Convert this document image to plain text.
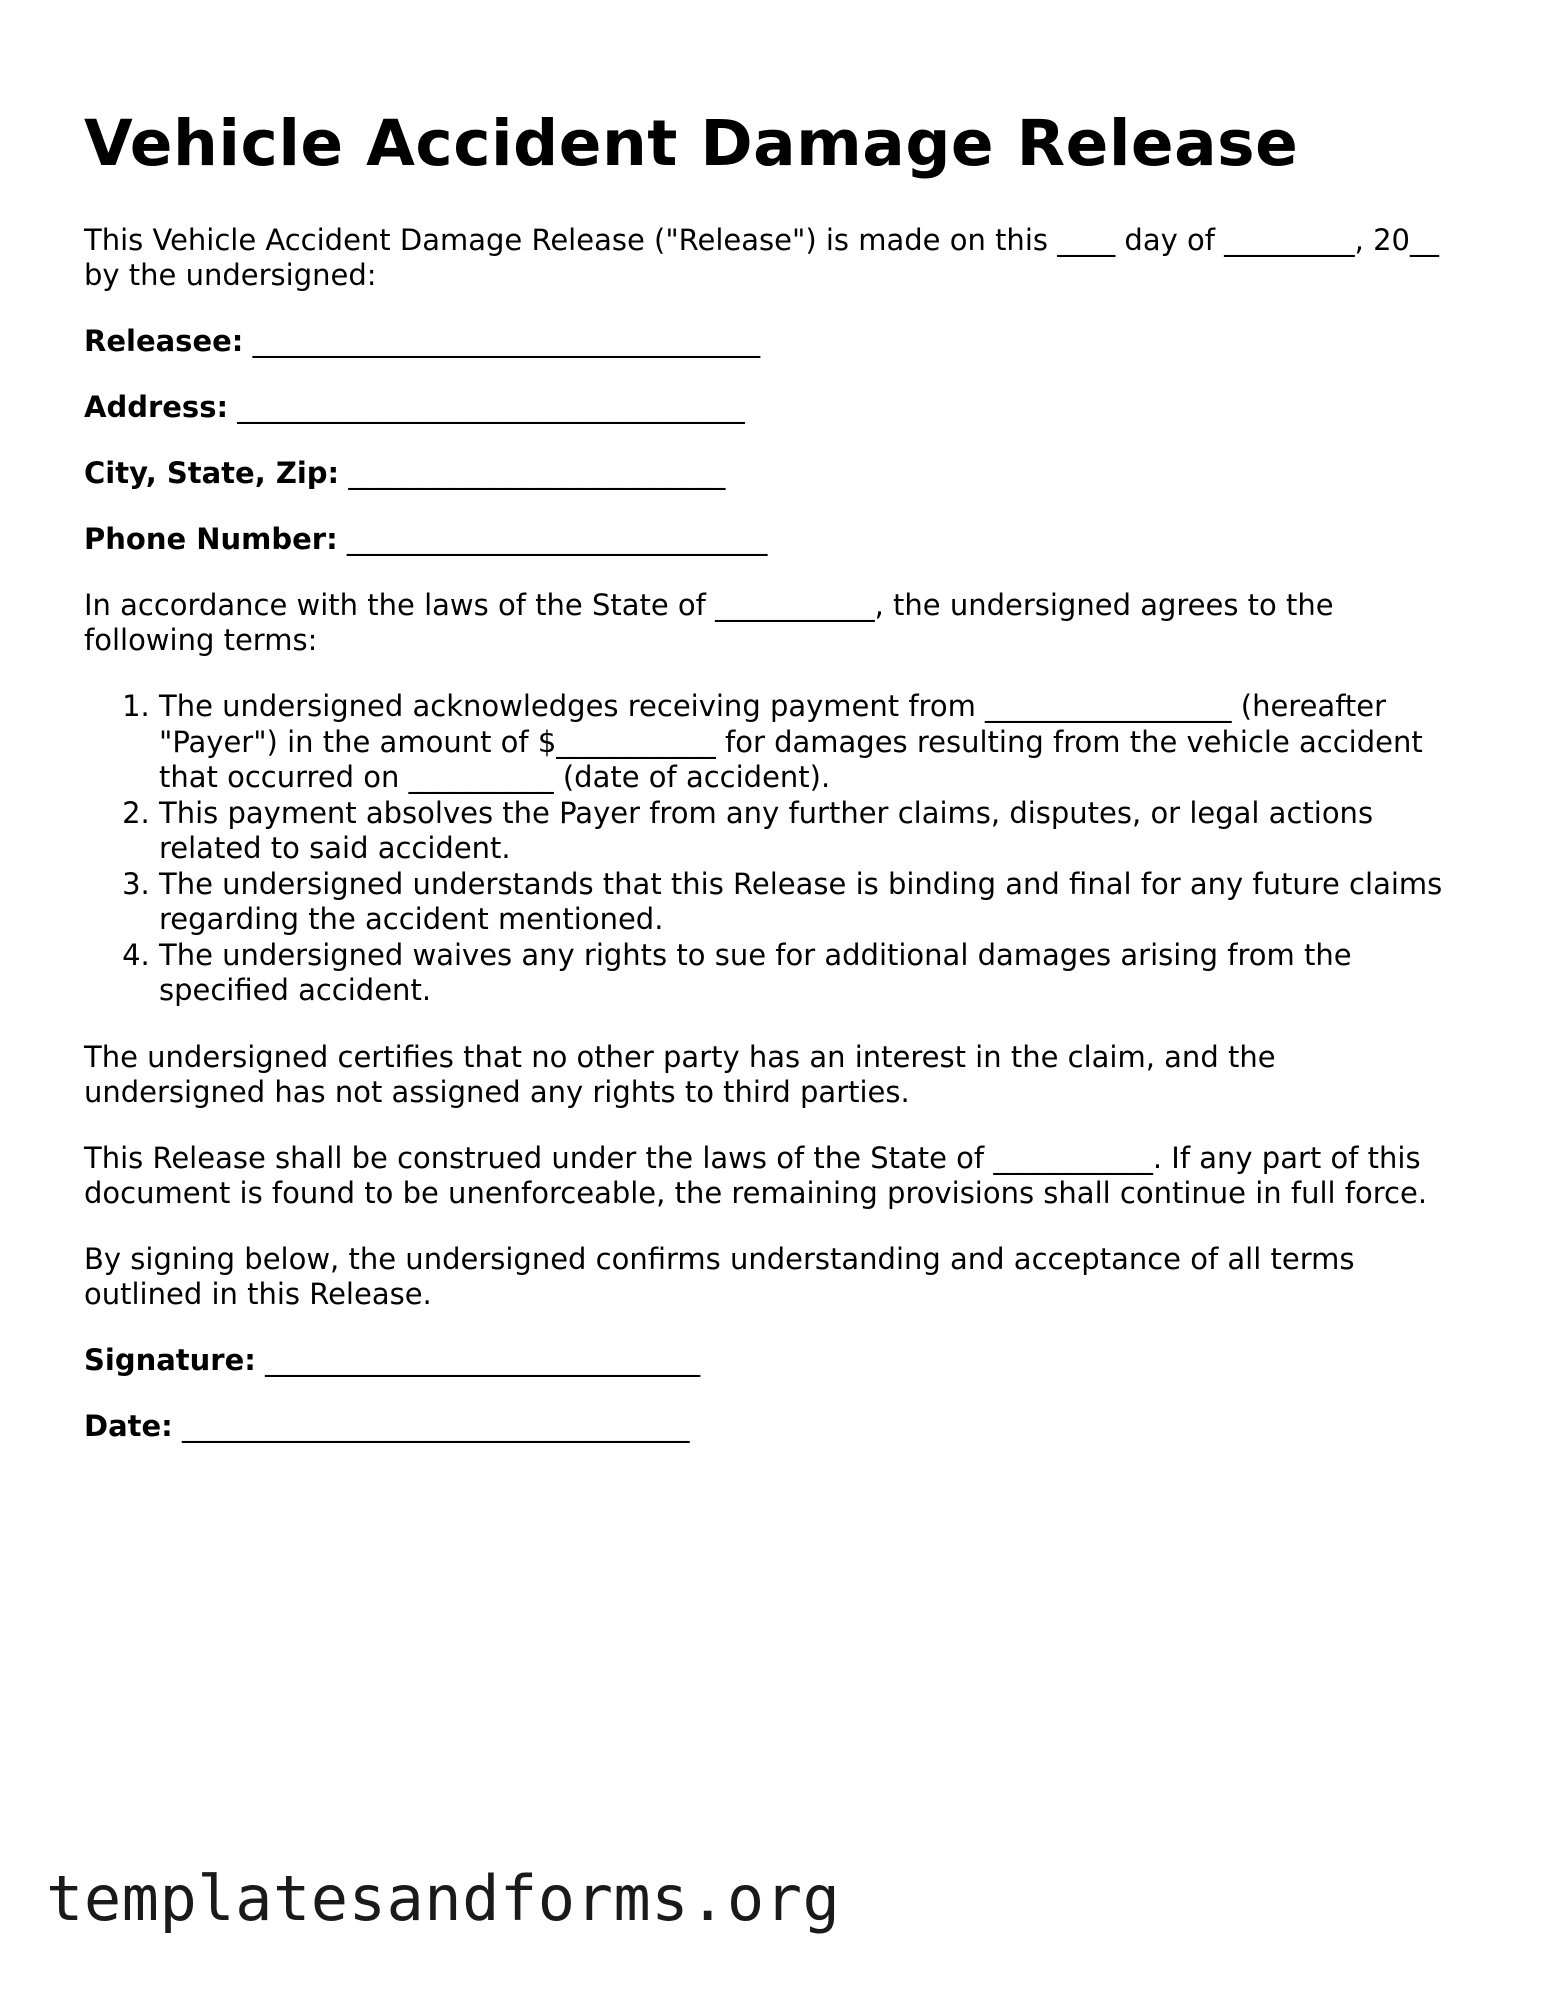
Vehicle Accident Damage Release

This Vehicle Accident Damage Release ("Release") is made on this ____ day of _________, 20__ by the undersigned:

Releasee: ___________________________________
Address: ___________________________________
City, State, Zip: __________________________
Phone Number: _____________________________

In accordance with the laws of the State of ___________, the undersigned agrees to the following terms:

1. The undersigned acknowledges receiving payment from _________________ (hereafter "Payer") in the amount of $___________ for damages resulting from the vehicle accident that occurred on __________ (date of accident).
2. This payment absolves the Payer from any further claims, disputes, or legal actions related to said accident.
3. The undersigned understands that this Release is binding and final for any future claims regarding the accident mentioned.
4. The undersigned waives any rights to sue for additional damages arising from the specified accident.

The undersigned certifies that no other party has an interest in the claim, and the undersigned has not assigned any rights to third parties.

This Release shall be construed under the laws of the State of ___________. If any part of this document is found to be unenforceable, the remaining provisions shall continue in full force.

By signing below, the undersigned confirms understanding and acceptance of all terms outlined in this Release.

Signature: ______________________________
Date: ___________________________________
templatesandforms.org
